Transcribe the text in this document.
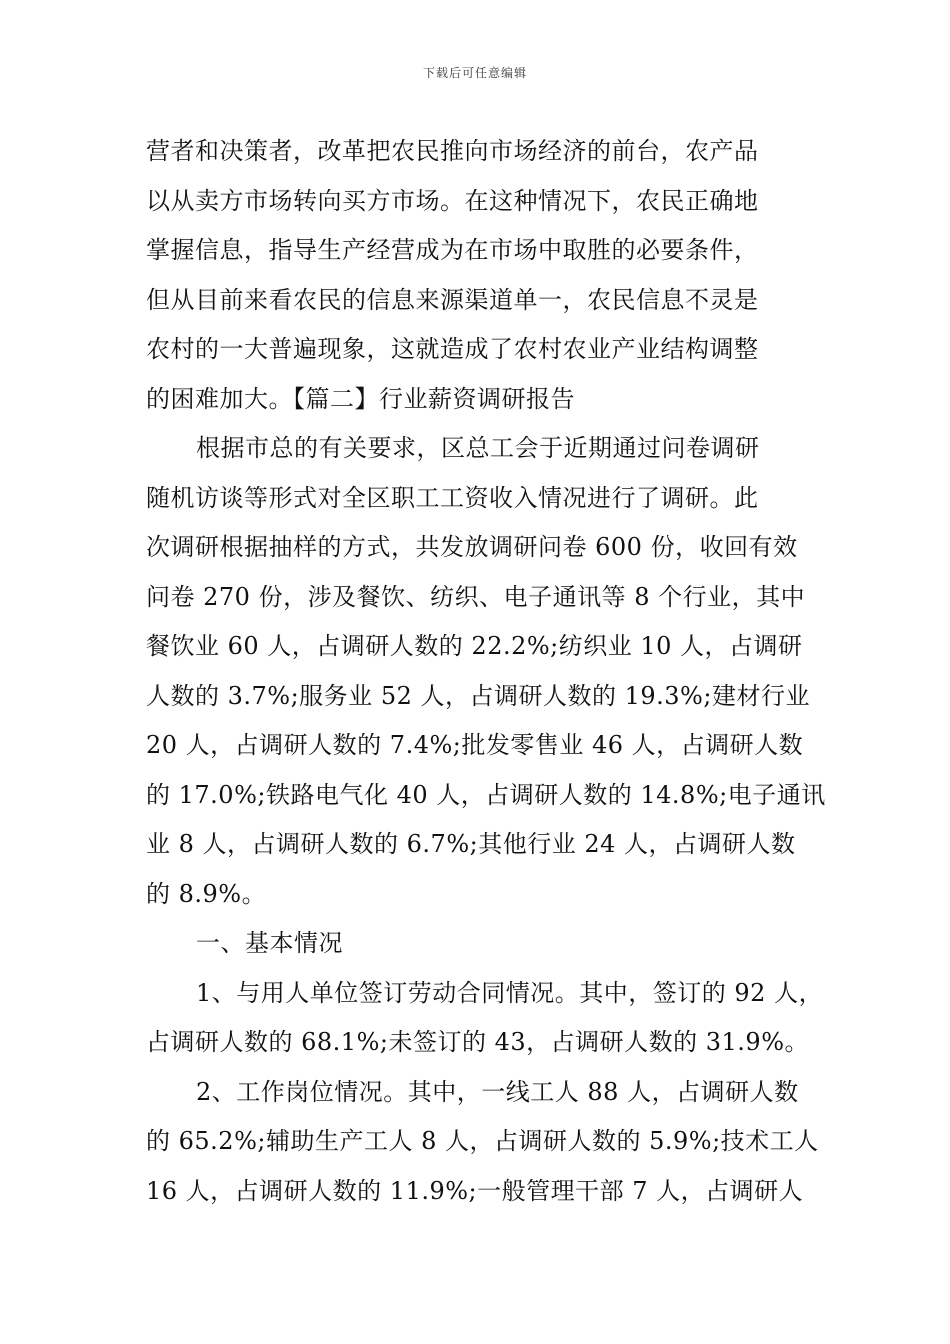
下载后可任意编辑
营者和决策者，改革把农民推向市场经济的前台，农产品
以从卖方市场转向买方市场。在这种情况下，农民正确地
掌握信息，指导生产经营成为在市场中取胜的必要条件，
但从目前来看农民的信息来源渠道单一，农民信息不灵是
农村的一大普遍现象，这就造成了农村农业产业结构调整
的困难加大。【篇二】行业薪资调研报告
根据市总的有关要求，区总工会于近期通过问卷调研
随机访谈等形式对全区职工工资收入情况进行了调研。此
次调研根据抽样的方式，共发放调研问卷 600 份，收回有效
问卷 270 份，涉及餐饮、纺织、电子通讯等 8 个行业，其中
餐饮业 60 人，占调研人数的 22.2%;纺织业 10 人，占调研
人数的 3.7%;服务业 52 人，占调研人数的 19.3%;建材行业
20 人，占调研人数的 7.4%;批发零售业 46 人，占调研人数
的 17.0%;铁路电气化 40 人，占调研人数的 14.8%;电子通讯
业 8 人，占调研人数的 6.7%;其他行业 24 人，占调研人数
的 8.9%。
一、基本情况
1、与用人单位签订劳动合同情况。其中，签订的 92 人，
占调研人数的 68.1%;未签订的 43，占调研人数的 31.9%。
2、工作岗位情况。其中，一线工人 88 人，占调研人数
的 65.2%;辅助生产工人 8 人，占调研人数的 5.9%;技术工人
16 人，占调研人数的 11.9%;一般管理干部 7 人，占调研人
